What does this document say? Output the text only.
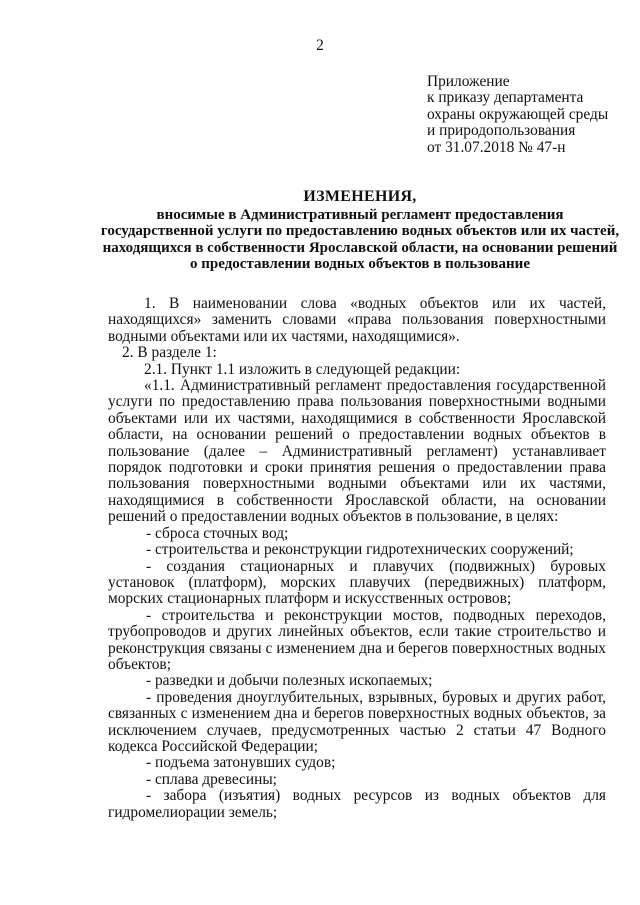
2
Приложение
к приказу департамента
охраны окружающей среды
и природопользования
от 31.07.2018 № 47-н
ИЗМЕНЕНИЯ,
вносимые в Административный регламент предоставления государственной услуги по предоставлению водных объектов или их частей, находящихся в собственности Ярославской области, на основании решений о предоставлении водных объектов в пользование

1. В наименовании слова «водных объектов или их частей, находящихся» заменить словами «права пользования поверхностными водными объектами или их частями, находящимися».

2. В разделе 1:

2.1. Пункт 1.1 изложить в следующей редакции:

«1.1. Административный регламент предоставления государственной услуги по предоставлению права пользования поверхностными водными объектами или их частями, находящимися в собственности Ярославской области, на основании решений о предоставлении водных объектов в пользование (далее – Административный регламент) устанавливает порядок подготовки и сроки принятия решения о предоставлении права пользования поверхностными водными объектами или их частями, находящимися в собственности Ярославской области, на основании решений о предоставлении водных объектов в пользование, в целях:

- сброса сточных вод;

- строительства и реконструкции гидротехнических сооружений;

- создания стационарных и плавучих (подвижных) буровых установок (платформ), морских плавучих (передвижных) платформ, морских стационарных платформ и искусственных островов;

- строительства и реконструкции мостов, подводных переходов, трубопроводов и других линейных объектов, если такие строительство и реконструкция связаны с изменением дна и берегов поверхностных водных объектов;

- разведки и добычи полезных ископаемых;

- проведения дноуглубительных, взрывных, буровых и других работ, связанных с изменением дна и берегов поверхностных водных объектов, за исключением случаев, предусмотренных частью 2 статьи 47 Водного кодекса Российской Федерации;

- подъема затонувших судов;

- сплава древесины;

- забора (изъятия) водных ресурсов из водных объектов для гидромелиорации земель;
